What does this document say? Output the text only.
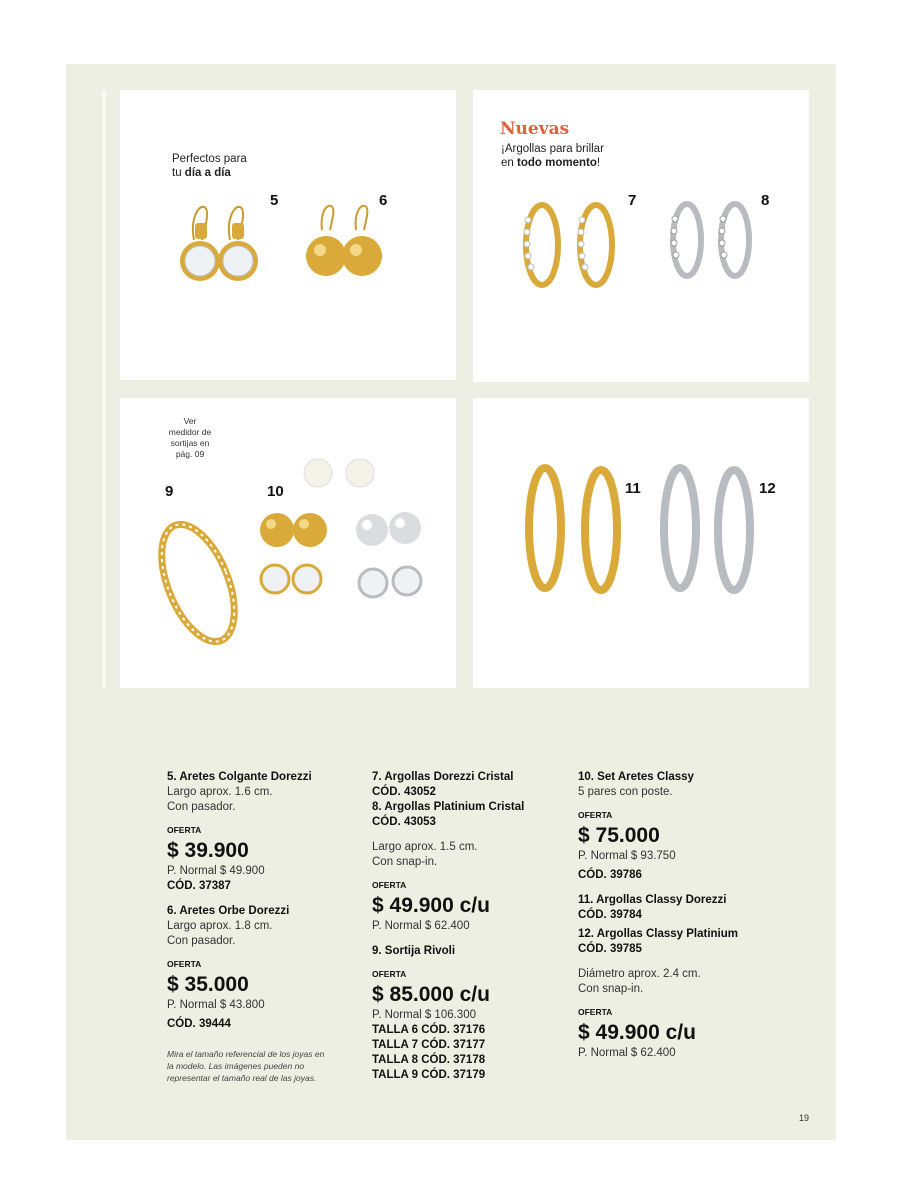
Perfectos para
tu día a día
5	6
Nuevas
¡Argollas para brillar
en todo momento!
7	8
Ver
medidor de
sortijas en
pág. 09
9	10	11	12
5. Aretes Colgante Dorezzi
Largo aprox. 1.6 cm.
Con pasador.
OFERTA
$ 39.900
P. Normal $ 49.900
CÓD. 37387
6. Aretes Orbe Dorezzi
Largo aprox. 1.8 cm.
Con pasador.
OFERTA
$ 35.000
P. Normal $ 43.800
CÓD. 39444
Mira el tamaño referencial de los joyas en la modelo. Las imágenes pueden no representar el tamaño real de las joyas.
7. Argollas Dorezzi Cristal
CÓD. 43052
8. Argollas Platinium Cristal
CÓD. 43053
Largo aprox. 1.5 cm.
Con snap-in.
OFERTA
$ 49.900 c/u
P. Normal $ 62.400
9. Sortija Rivoli
OFERTA
$ 85.000 c/u
P. Normal $ 106.300
TALLA 6 CÓD. 37176
TALLA 7 CÓD. 37177
TALLA 8 CÓD. 37178
TALLA 9 CÓD. 37179
10. Set Aretes Classy
5 pares con poste.
OFERTA
$ 75.000
P. Normal $ 93.750
CÓD. 39786
11. Argollas Classy Dorezzi
CÓD. 39784
12. Argollas Classy Platinium
CÓD. 39785
Diámetro aprox. 2.4 cm.
Con snap-in.
OFERTA
$ 49.900 c/u
P. Normal $ 62.400
19
